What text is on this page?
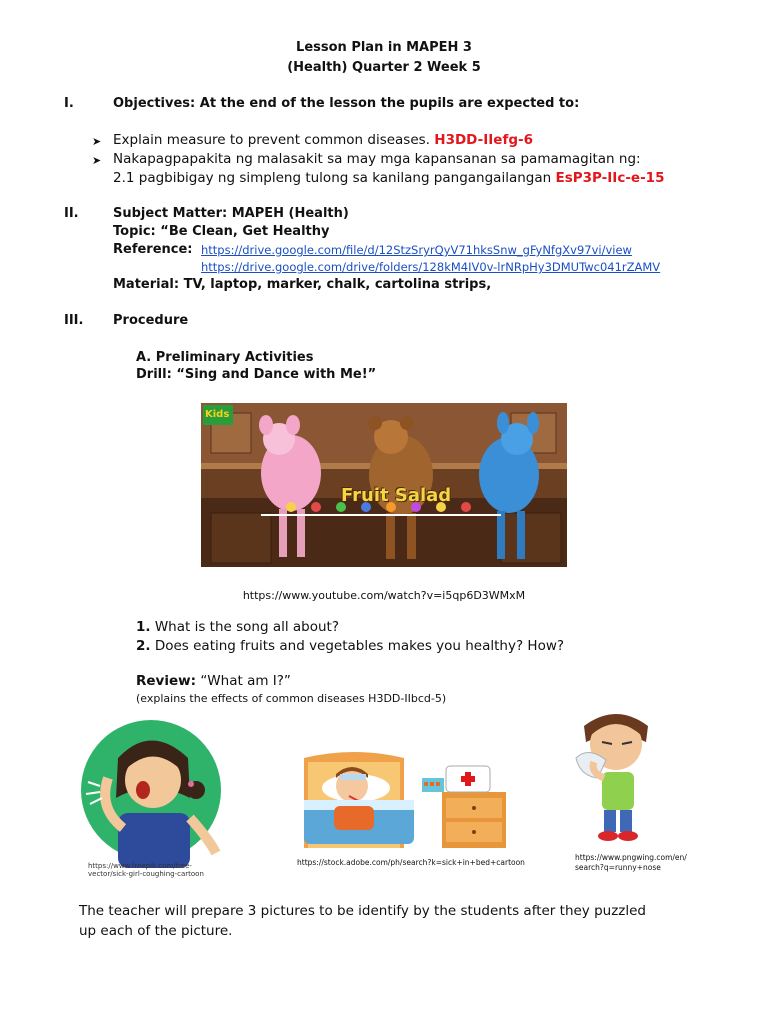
Lesson Plan in MAPEH 3
(Health) Quarter 2 Week 5
I.	Objectives: At the end of the lesson the pupils are expected to:
➤ Explain measure to prevent common diseases. H3DD-IIefg-6
➤ Nakapagpapakita ng malasakit sa may mga kapansanan sa pamamagitan ng:
2.1 pagbibigay ng simpleng tulong sa kanilang pangangailangan EsP3P-IIc-e-15
II.	Subject Matter: MAPEH (Health)
Topic: “Be Clean, Get Healthy
Reference: https://drive.google.com/file/d/12StzSryrQyV71hksSnw_gFyNfgXv97vi/view
https://drive.google.com/drive/folders/128kM4IV0v-lrNRpHy3DMUTwc041rZAMV
Material: TV, laptop, marker, chalk, cartolina strips,
III. Procedure
A. Preliminary Activities
Drill: “Sing and Dance with Me!”
Kids
Fruit Salad
https://www.youtube.com/watch?v=i5qp6D3WMxM
1. What is the song all about?
2. Does eating fruits and vegetables makes you healthy? How?
Review: “What am I?”
(explains the effects of common diseases H3DD-IIbcd-5)
https://www.freepik.com/free-vector/sick-girl-coughing-cartoon
https://stock.adobe.com/ph/search?k=sick+in+bed+cartoon
https://www.pngwing.com/en/
search?q=runny+nose
The teacher will prepare 3 pictures to be identify by the students after they puzzled
up each of the picture.
